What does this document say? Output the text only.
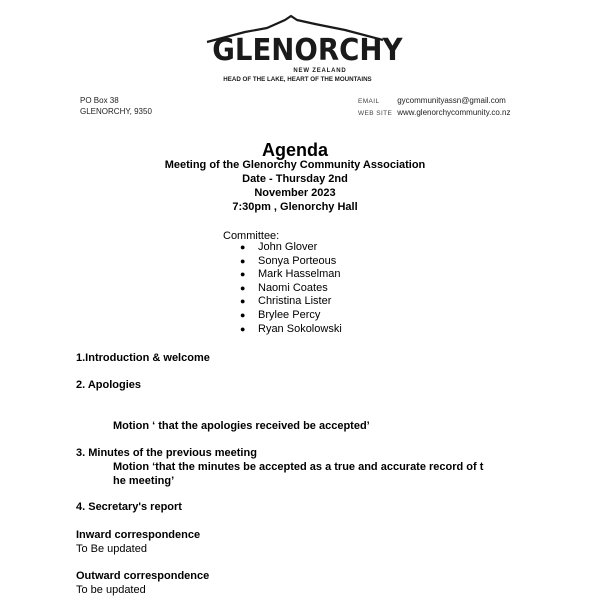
GLENORCHY
NEW ZEALAND
HEAD OF THE LAKE, HEART OF THE MOUNTAINS
PO Box 38
GLENORCHY, 9350
EMAIL gycommunityassn@gmail.com
WEB SITE www.glenorchycommunity.co.nz
Agenda
Meeting of the Glenorchy Community Association
Date - Thursday 2nd
November 2023
7:30pm , Glenorchy Hall
Committee:
● John Glover
● Sonya Porteous
● Mark Hasselman
● Naomi Coates
● Christina Lister
● Brylee Percy
● Ryan Sokolowski
1.Introduction & welcome
2. Apologies
Motion ‘ that the apologies received be accepted’
3. Minutes of the previous meeting
Motion ‘that the minutes be accepted as a true and accurate record of t
he meeting’
4. Secretary's report
Inward correspondence
To Be updated
Outward correspondence
To be updated
